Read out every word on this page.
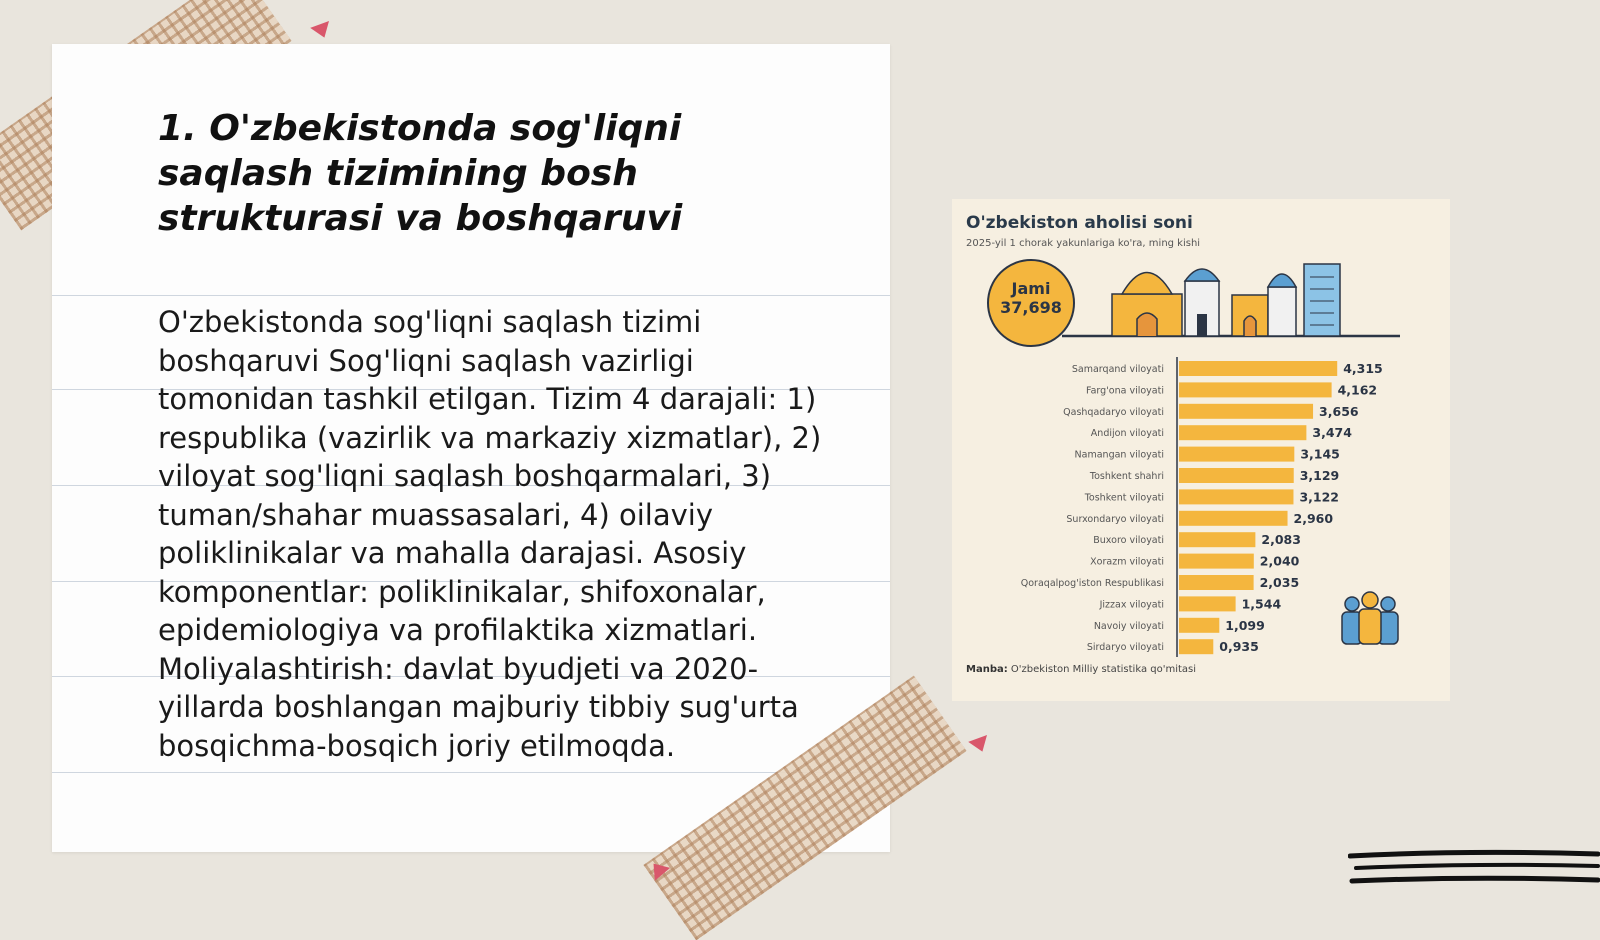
1. O'zbekistonda sog'liqni saqlash tizimining bosh strukturasi va boshqaruvi

O'zbekistonda sog'liqni saqlash tizimi boshqaruvi Sog'liqni saqlash vazirligi tomonidan tashkil etilgan. Tizim 4 darajali: 1) respublika (vazirlik va markaziy xizmatlar), 2) viloyat sog'liqni saqlash boshqarmalari, 3) tuman/shahar muassasalari, 4) oilaviy poliklinikalar va mahalla darajasi. Asosiy komponentlar: poliklinikalar, shifoxonalar, epidemiologiya va profilaktika xizmatlari. Moliyalashtirish: davlat byudjeti va 2020-yillarda boshlangan majburiy tibbiy sug'urta bosqichma-bosqich joriy etilmoqda.

O'zbekiston aholisi soni
2025-yil 1 chorak yakunlariga ko'ra, ming kishi
Samarqand viloyati	4,315
Farg'ona viloyati	4,162
Qashqadaryo viloyati	3,656
Andijon viloyati	3,474
Namangan viloyati	3,145
Toshkent shahri	3,129
Toshkent viloyati	3,122
Surxondaryo viloyati	2,960
Buxoro viloyati	2,083
Xorazm viloyati	2,040
Qoraqalpog'iston Respublikasi	2,035
Jizzax viloyati	1,544
Navoiy viloyati	1,099
Sirdaryo viloyati	0,935
Jami
37,698
Manba: O'zbekiston Milliy statistika qo'mitasi
